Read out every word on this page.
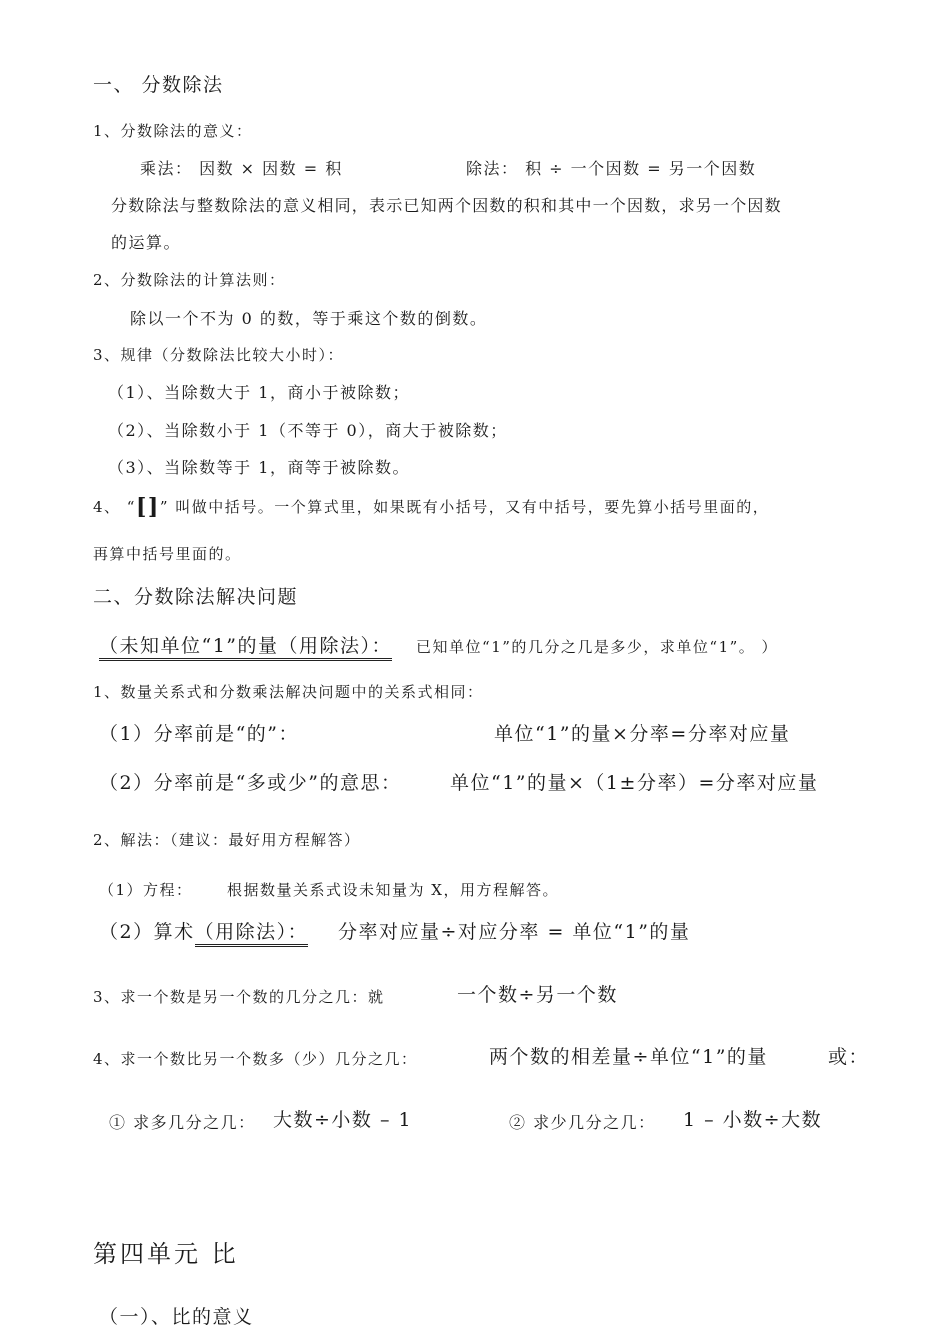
一、 分数除法
1、分数除法的意义：
乘法： 因数 × 因数 = 积	除法： 积 ÷ 一个因数 = 另一个因数
分数除法与整数除法的意义相同，表示已知两个因数的积和其中一个因数，求另一个因数
的运算。
2、分数除法的计算法则：
除以一个不为 0 的数，等于乘这个数的倒数。
3、规律（分数除法比较大小时）：
（1）、当除数大于 1，商小于被除数；
（2）、当除数小于 1（不等于 0），商大于被除数；
（3）、当除数等于 1，商等于被除数。
4、 “[]” 叫做中括号。一个算式里，如果既有小括号，又有中括号，要先算小括号里面的，
再算中括号里面的。
二、分数除法解决问题
（未知单位“1”的量（用除法）： 已知单位“1”的几分之几是多少，求单位“1”。 ）
1、数量关系式和分数乘法解决问题中的关系式相同：
（1）分率前是“的”：	单位“1”的量×分率=分率对应量
（2）分率前是“多或少”的意思：	单位“1”的量×（1±分率）=分率对应量
2、解法：（建议：最好用方程解答）
（1）方程： 根据数量关系式设未知量为 X，用方程解答。
（2）算术（用除法）： 分率对应量÷对应分率 = 单位“1”的量
3、求一个数是另一个数的几分之几：就	一个数÷另一个数
4、求一个数比另一个数多（少）几分之几：	两个数的相差量÷单位“1”的量	或：
① 求多几分之几： 大数÷小数 – 1	② 求少几分之几： 1 – 小数÷大数
第四单元 比
（一）、比的意义
